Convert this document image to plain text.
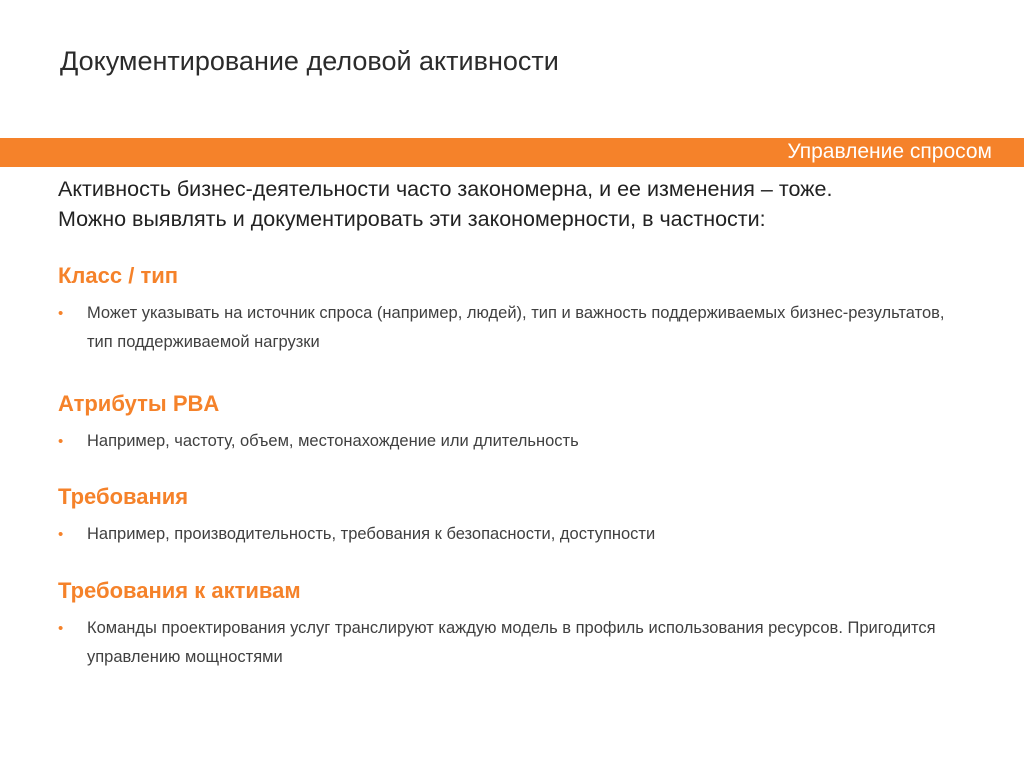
Документирование деловой активности
Управление спросом

Активность бизнес-деятельности часто закономерна, и ее изменения – тоже.

Можно выявлять и документировать эти закономерности, в частности:

Класс / тип
• Может указывать на источник спроса (например, людей), тип и важность поддерживаемых бизнес-результатов, тип поддерживаемой нагрузки
Атрибуты PBA
• Например, частоту, объем, местонахождение или длительность
Требования
• Например, производительность, требования к безопасности, доступности
Требования к активам
• Команды проектирования услуг транслируют каждую модель в профиль использования ресурсов. Пригодится управлению мощностями
